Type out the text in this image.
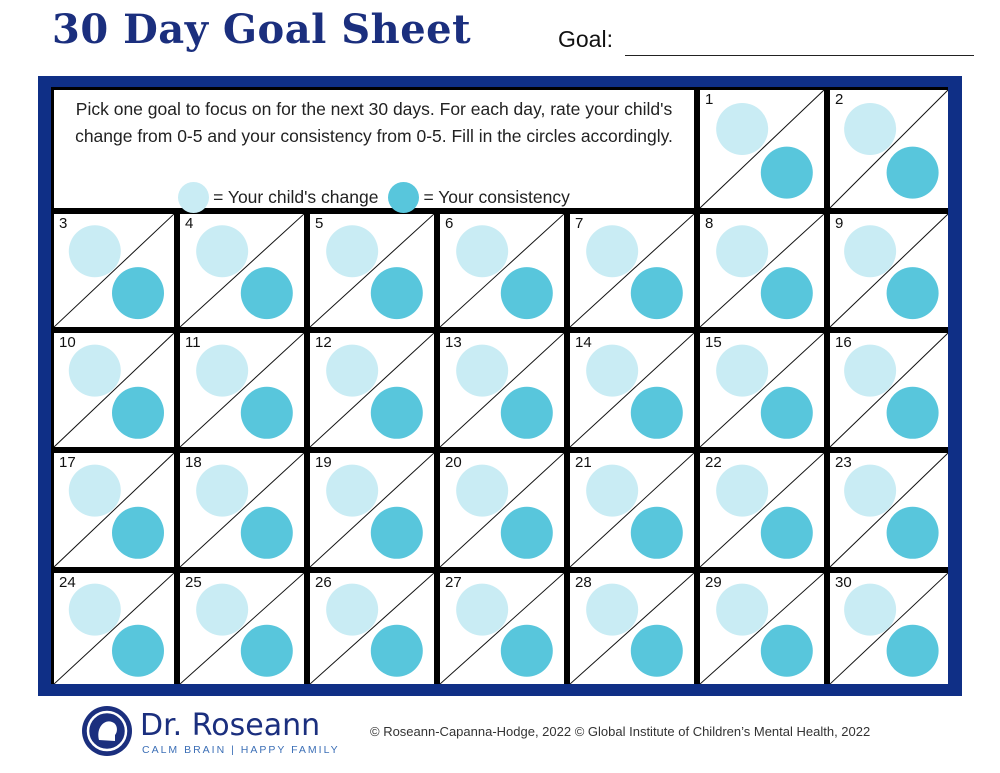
30 Day Goal Sheet	Goal:
Pick one goal to focus on for the next 30 days. For each day, rate your child's change from 0-5 and your consistency from 0-5. Fill in the circles accordingly.
= Your child's change	= Your consistency
1	2
3	4	5	6	7	8	9
10	11	12	13	14	15	16
17	18	19	20	21	22	23
24	25	26	27	28	29	30
Dr. Roseann
CALM BRAIN | HAPPY FAMILY
© Roseann-Capanna-Hodge, 2022 © Global Institute of Children’s Mental Health, 2022
